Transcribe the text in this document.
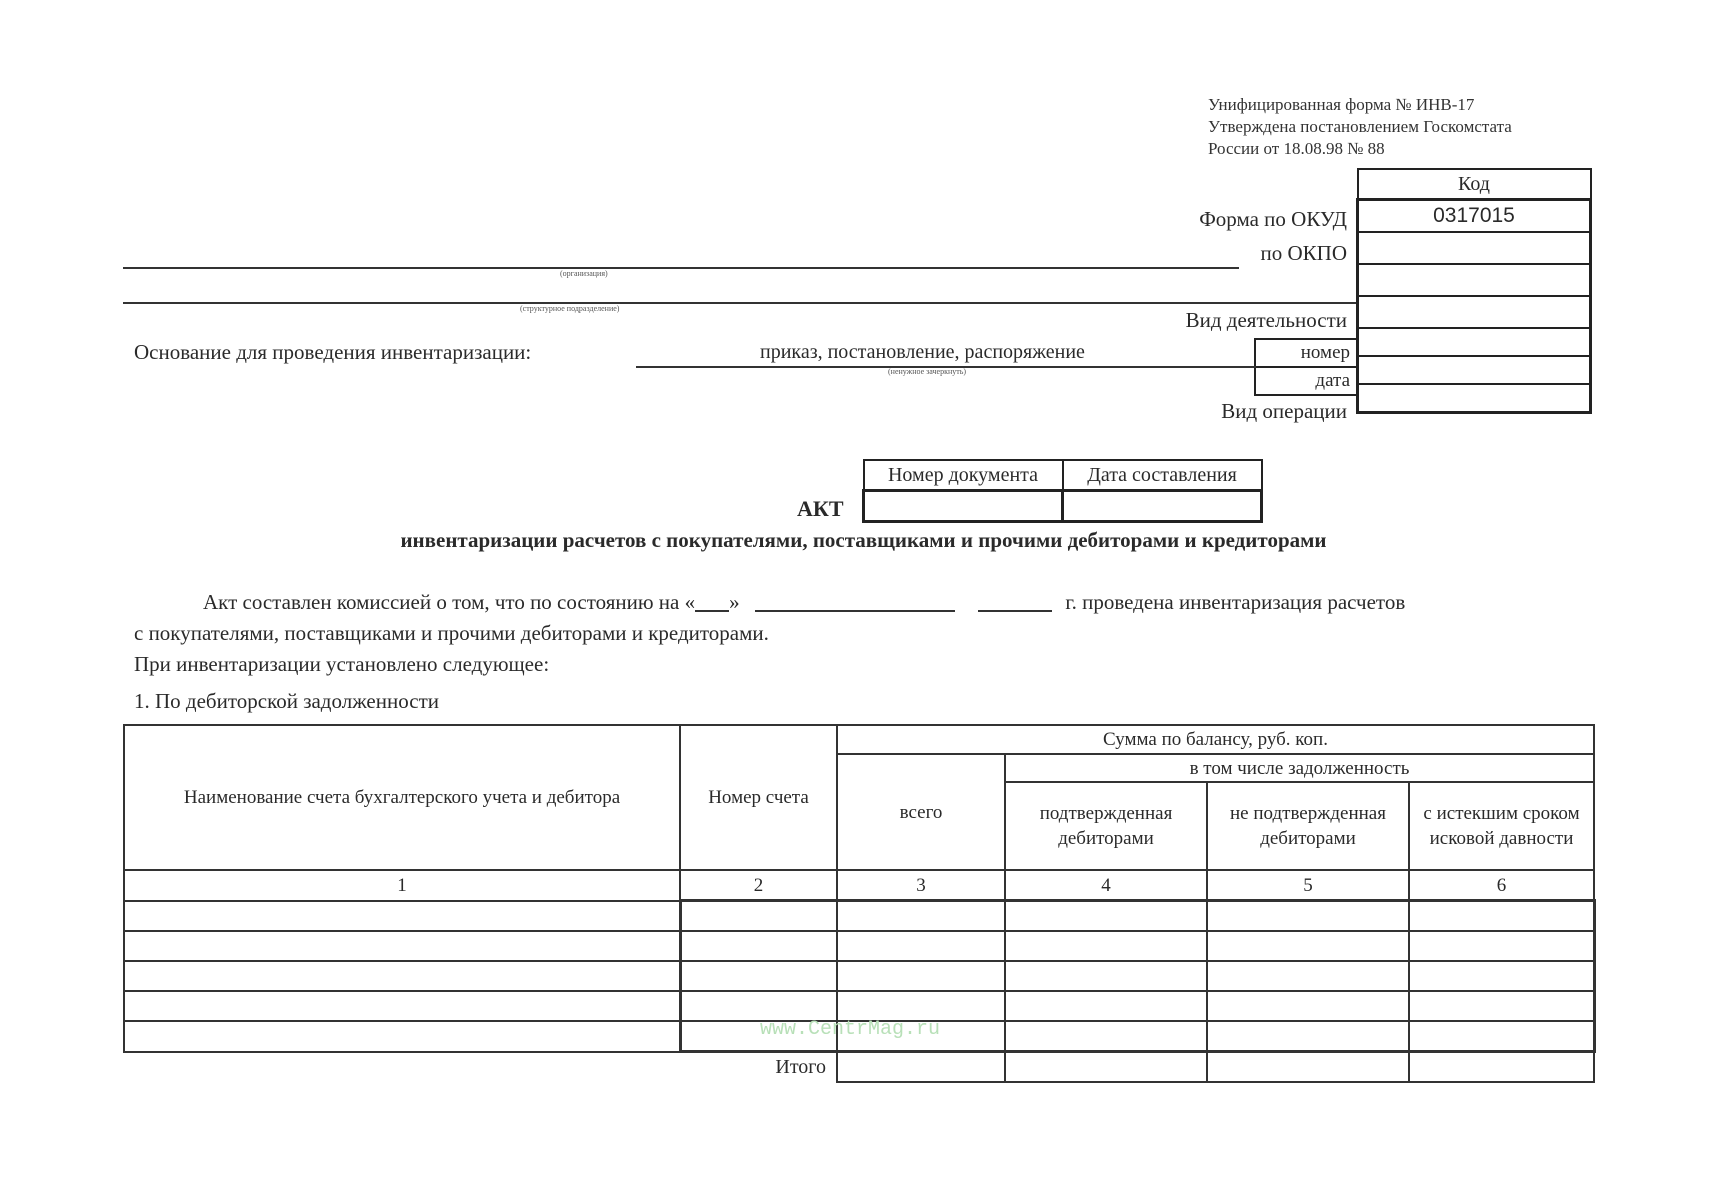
Унифицированная форма № ИНВ-17
Утверждена постановлением Госкомстата
России от 18.08.98 № 88
Код
0317015

Форма по ОКУД
по ОКПО
Вид деятельности
Вид операции
номер
дата
(организация)
(структурное подразделение)
Основание для проведения инвентаризации:	приказ, постановление, распоряжение
(ненужное зачеркнуть)
Номер документа	Дата составления

АКТ
инвентаризации расчетов с покупателями, поставщиками и прочими дебиторами и кредиторами
Акт составлен комиссией о том, что по состоянию на « »	г. проведена инвентаризация расчетов
с покупателями, поставщиками и прочими дебиторами и кредиторами.
При инвентаризации установлено следующее:
1. По дебиторской задолженности
Наименование счета бухгалтерского учета и дебитора	Номер счета	Сумма по балансу, руб. коп.			
		всего	в том числе задолженность		
			подтвержденная дебиторами	не подтвержденная дебиторами	с истекшим сроком исковой давности
1	2	3	4	5	6

Итого					
www.CentrMag.ru
